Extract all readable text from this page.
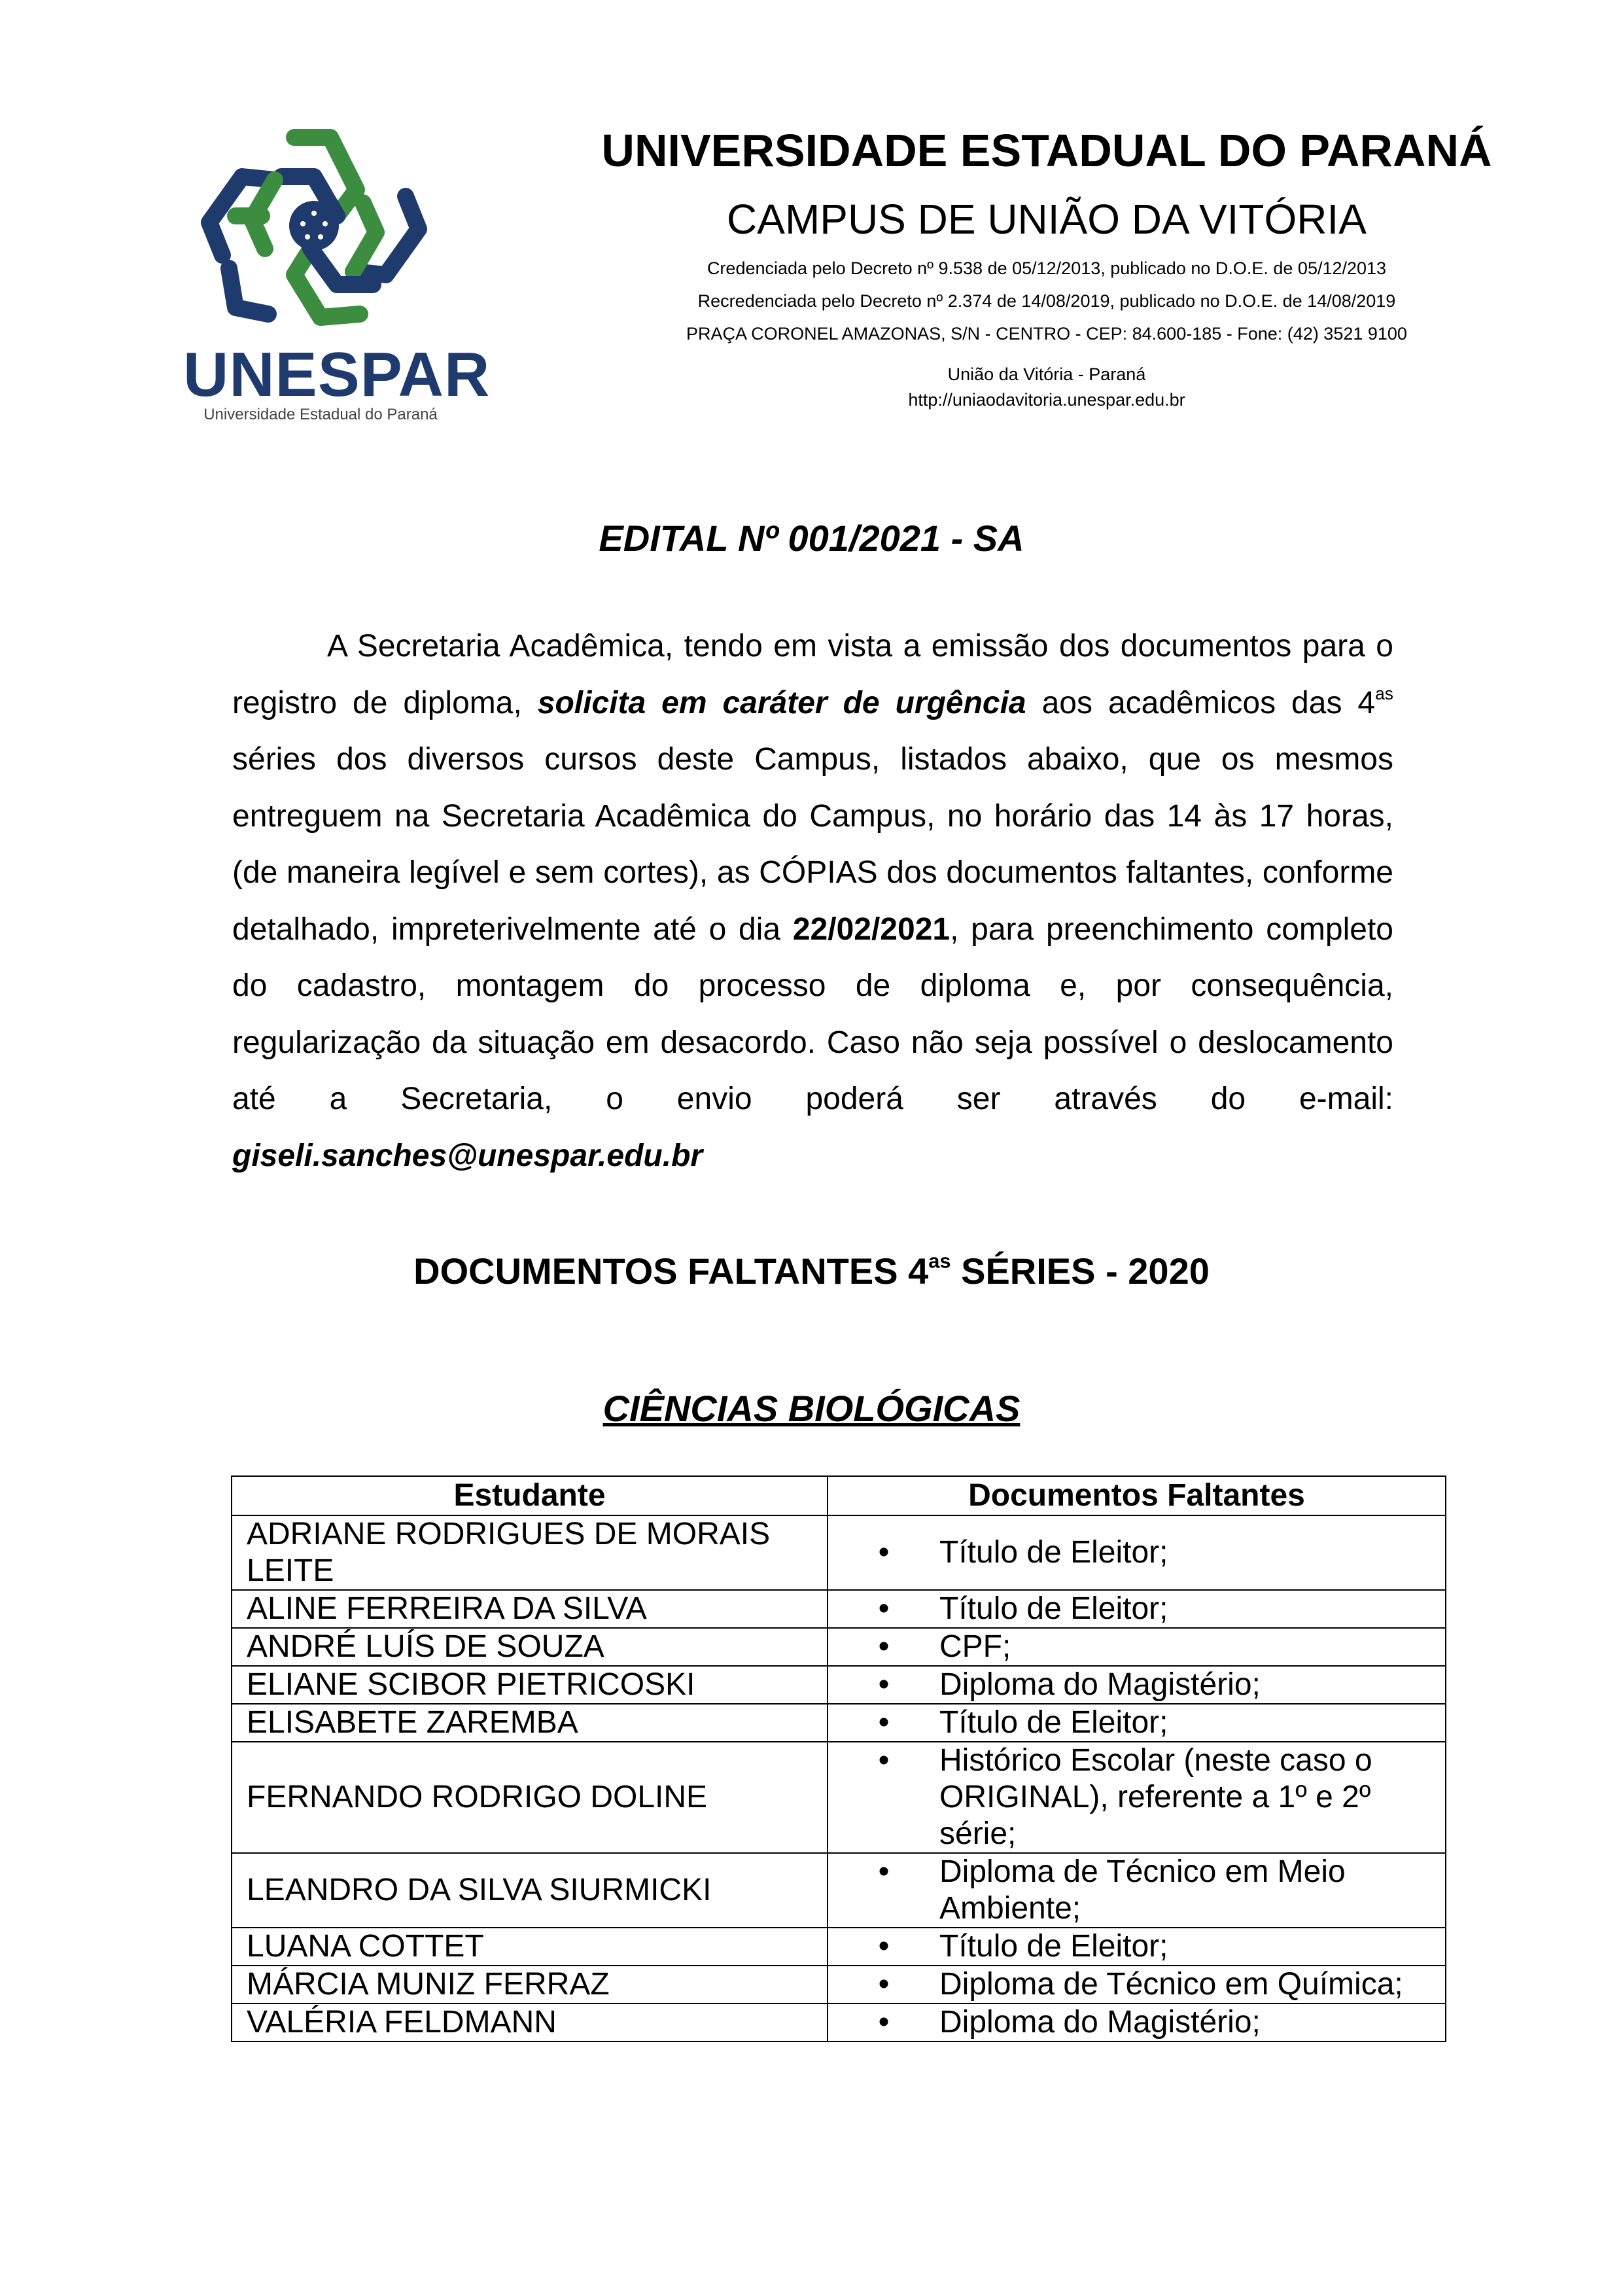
UNESPAR
Universidade Estadual do Paraná
UNIVERSIDADE ESTADUAL DO PARANÁ
CAMPUS DE UNIÃO DA VITÓRIA
Credenciada pelo Decreto nº 9.538 de 05/12/2013, publicado no D.O.E. de 05/12/2013
Recredenciada pelo Decreto nº 2.374 de 14/08/2019, publicado no D.O.E. de 14/08/2019
PRAÇA CORONEL AMAZONAS, S/N - CENTRO - CEP: 84.600-185 - Fone: (42) 3521 9100
União da Vitória - Paraná
http://uniaodavitoria.unespar.edu.br
EDITAL Nº 001/2021 - SA

A Secretaria Acadêmica, tendo em vista a emissão dos documentos para o registro de diploma, solicita em caráter de urgência aos acadêmicos das $4^{as}$ séries dos diversos cursos deste Campus, listados abaixo, que os mesmos entreguem na Secretaria Acadêmica do Campus, no horário das 14 às 17 horas, (de maneira legível e sem cortes), as CÓPIAS dos documentos faltantes, conforme detalhado, impreterivelmente até o dia 22/02/2021, para preenchimento completo do cadastro, montagem do processo de diploma e, por consequência, regularização da situação em desacordo. Caso não seja possível o deslocamento até a Secretaria, o envio poderá ser através do e-mail: giseli.sanches@unespar.edu.br

DOCUMENTOS FALTANTES $4^{as}$ SÉRIES - 2020
CIÊNCIAS BIOLÓGICAS
Estudante	Documentos Faltantes
ADRIANE RODRIGUES DE MORAIS LEITE	• Título de Eleitor;

ALINE FERREIRA DA SILVA	• Título de Eleitor;

ANDRÉ LUÍS DE SOUZA	• CPF;

ELIANE SCIBOR PIETRICOSKI	• Diploma do Magistério;

ELISABETE ZAREMBA	• Título de Eleitor;

FERNANDO RODRIGO DOLINE	• Histórico Escolar (neste caso o ORIGINAL), referente a 1º e 2º série;

LEANDRO DA SILVA SIURMICKI	• Diploma de Técnico em Meio Ambiente;

LUANA COTTET	• Título de Eleitor;

MÁRCIA MUNIZ FERRAZ	• Diploma de Técnico em Química;

VALÉRIA FELDMANN	• Diploma do Magistério;
